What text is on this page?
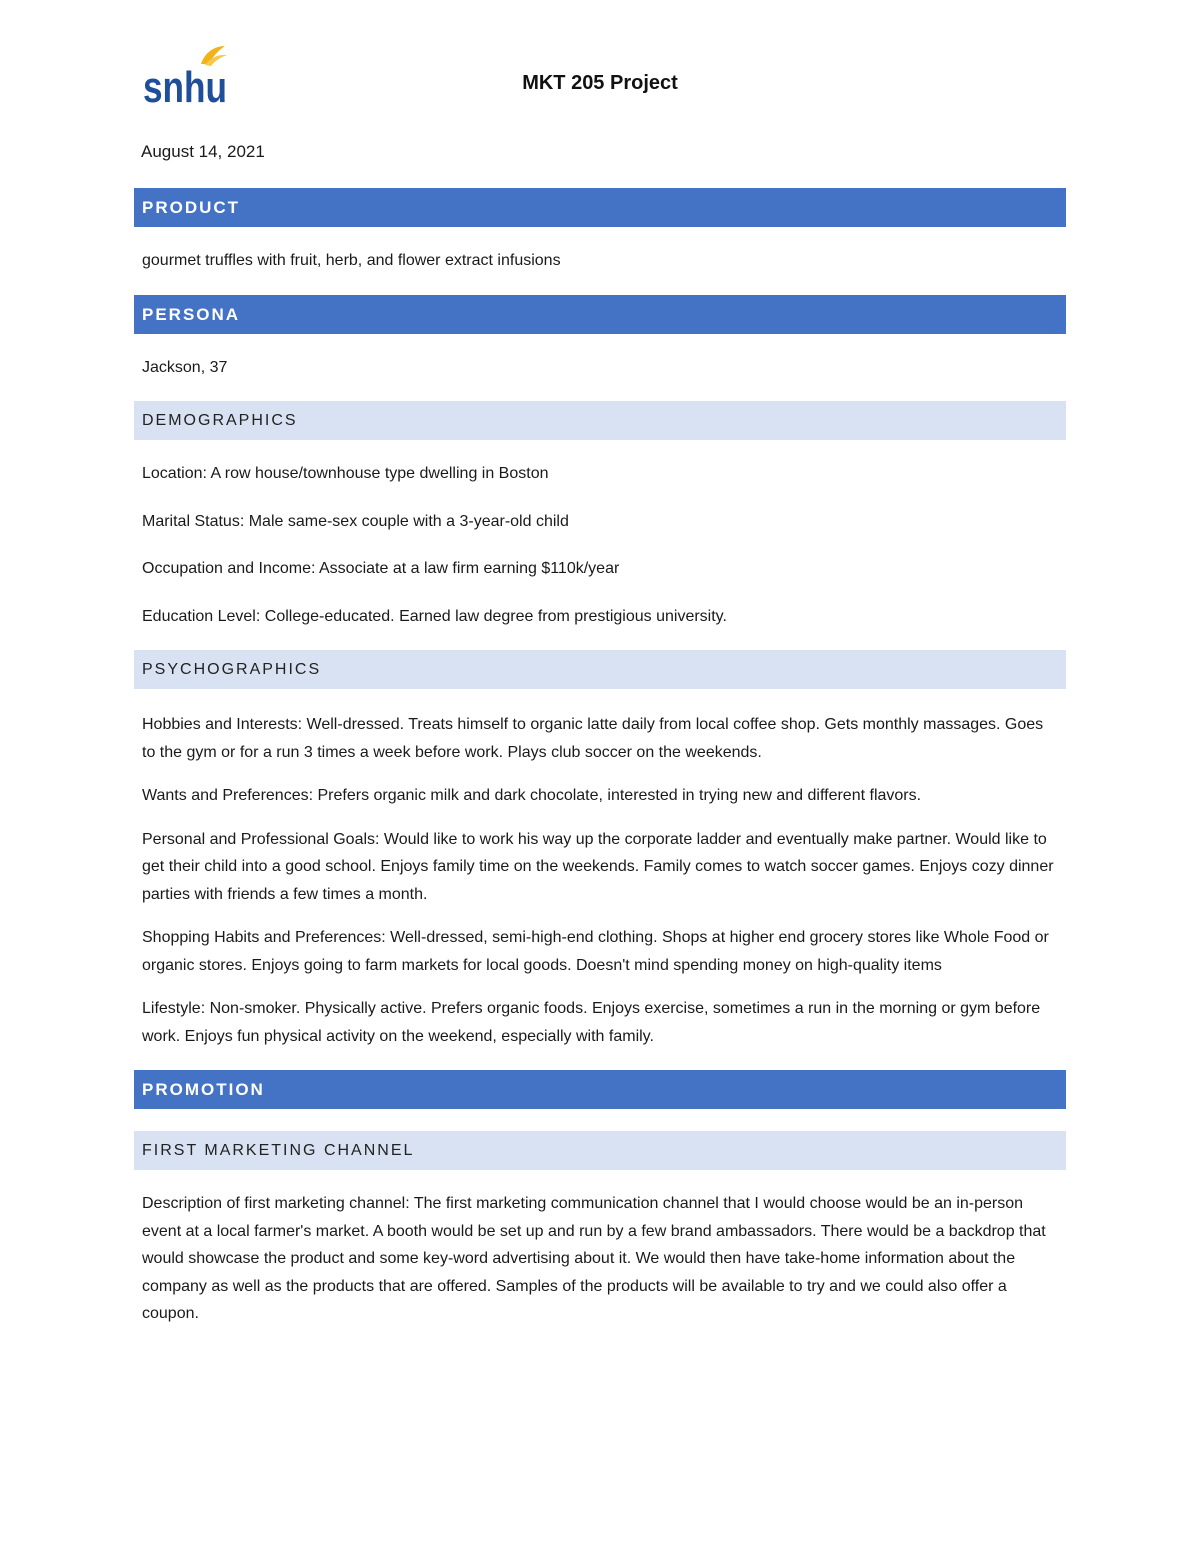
snhu	MKT 205 Project
August 14, 2021
PRODUCT

gourmet truffles with fruit, herb, and flower extract infusions

PERSONA

Jackson, 37

DEMOGRAPHICS

Location: A row house/townhouse type dwelling in Boston

Marital Status: Male same-sex couple with a 3-year-old child

Occupation and Income: Associate at a law firm earning $110k/year

Education Level: College-educated. Earned law degree from prestigious university.

PSYCHOGRAPHICS

Hobbies and Interests: Well-dressed. Treats himself to organic latte daily from local coffee shop. Gets monthly massages. Goes to the gym or for a run 3 times a week before work. Plays club soccer on the weekends.

Wants and Preferences: Prefers organic milk and dark chocolate, interested in trying new and different flavors.

Personal and Professional Goals: Would like to work his way up the corporate ladder and eventually make partner. Would like to get their child into a good school. Enjoys family time on the weekends. Family comes to watch soccer games. Enjoys cozy dinner parties with friends a few times a month.

Shopping Habits and Preferences: Well-dressed, semi-high-end clothing. Shops at higher end grocery stores like Whole Food or organic stores. Enjoys going to farm markets for local goods. Doesn't mind spending money on high-quality items

Lifestyle: Non-smoker. Physically active. Prefers organic foods. Enjoys exercise, sometimes a run in the morning or gym before work. Enjoys fun physical activity on the weekend, especially with family.

PROMOTION
FIRST MARKETING CHANNEL

Description of first marketing channel: The first marketing communication channel that I would choose would be an in-person event at a local farmer's market. A booth would be set up and run by a few brand ambassadors. There would be a backdrop that would showcase the product and some key-word advertising about it. We would then have take-home information about the company as well as the products that are offered. Samples of the products will be available to try and we could also offer a coupon.
